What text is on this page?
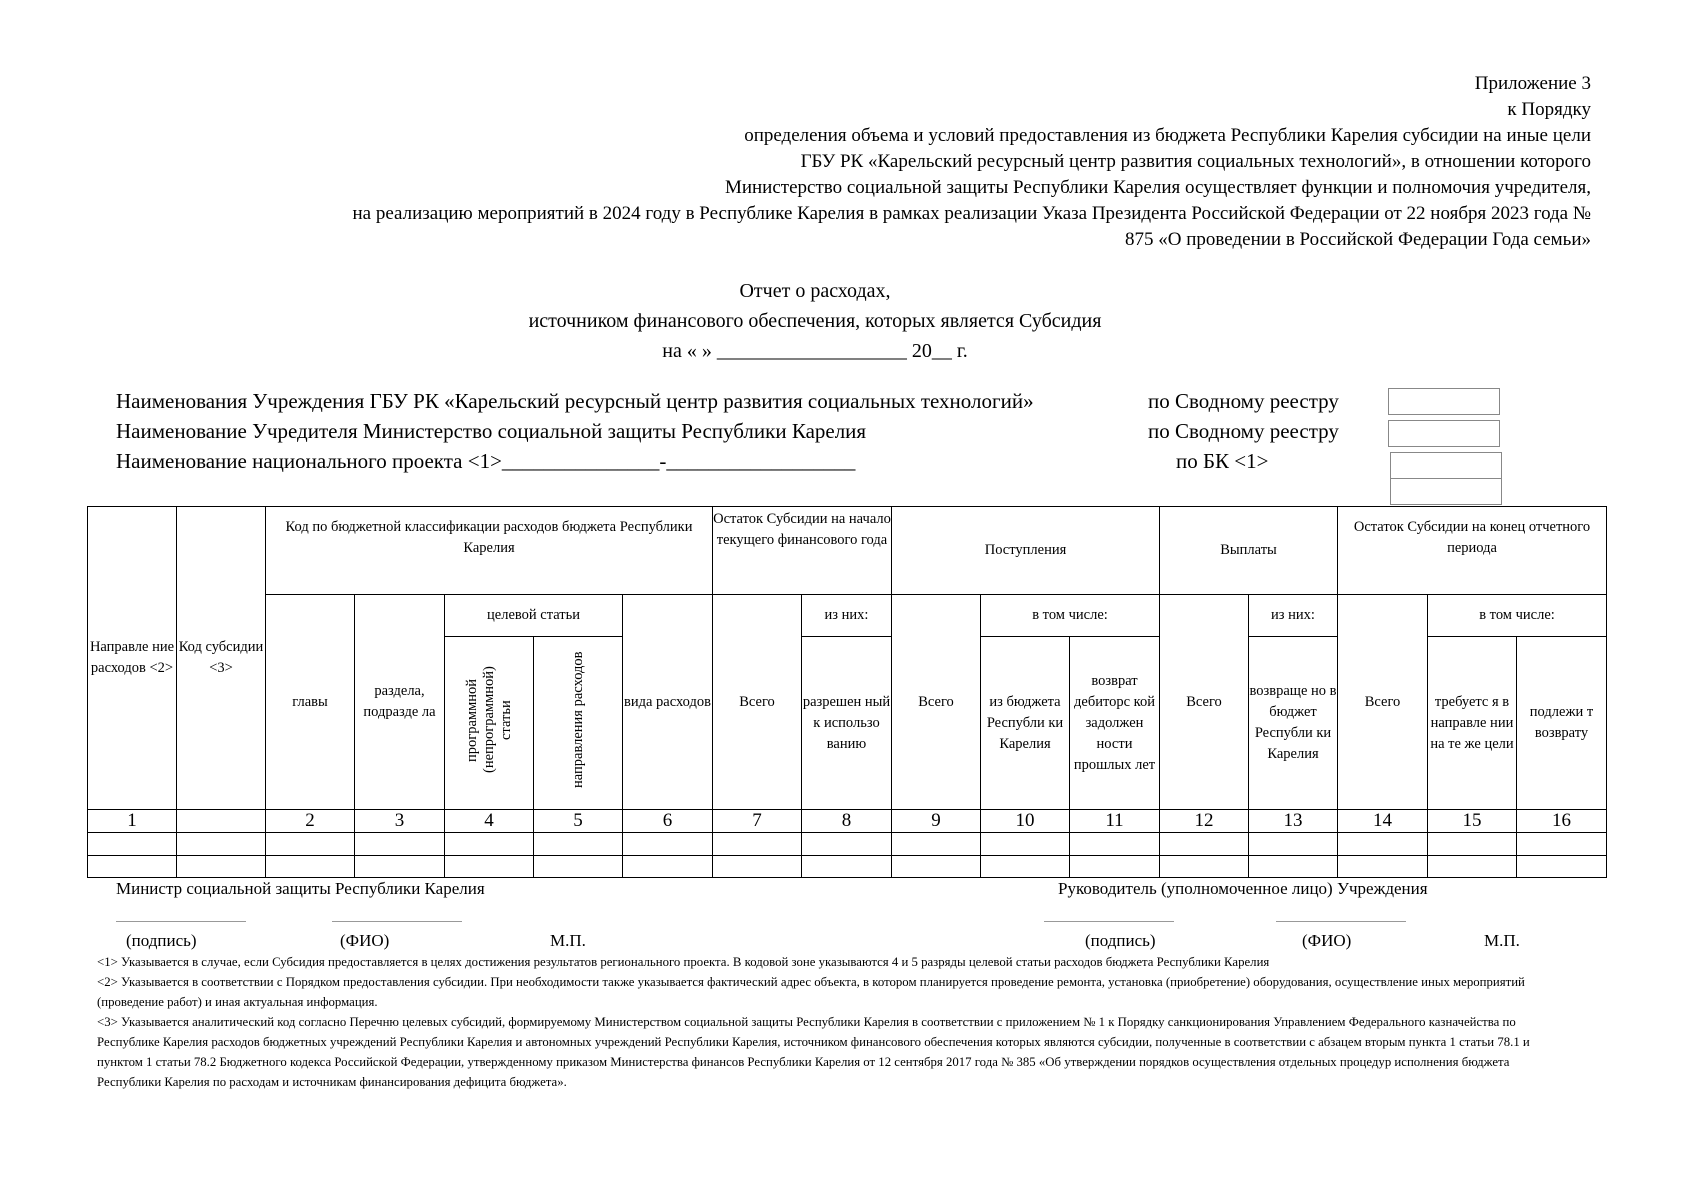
Приложение 3
к Порядку
определения объема и условий предоставления из бюджета Республики Карелия субсидии на иные цели
ГБУ РК «Карельский ресурсный центр развития социальных технологий», в отношении которого
Министерство социальной защиты Республики Карелия осуществляет функции и полномочия учредителя,
на реализацию мероприятий в 2024 году в Республике Карелия в рамках реализации Указа Президента Российской Федерации от 22 ноября 2023 года №
875 «О проведении в Российской Федерации Года семьи»
Отчет о расходах,
источником финансового обеспечения, которых является Субсидия
на « » ___________________ 20__ г.
Наименования Учреждения ГБУ РК «Карельский ресурсный центр развития социальных технологий»
Наименование Учредителя Министерство социальной защиты Республики Карелия
Наименование национального проекта <1>_______________-__________________
по Сводному реестру
по Сводному реестру
по БК <1>
Направле ние расходов <2>	Код субсидии <3>	Код по бюджетной классификации расходов бюджета Республики Карелия					Остаток Субсидии на начало текущего финансового года		Поступления			Выплаты		Остаток Субсидии на конец отчетного периода		
		главы	раздела, подразде ла	целевой статьи		вида расходов	Всего	из них:	Всего	в том числе:		Всего	из них:	Всего	в том числе:	
				программной (непрограммной) статьи	направления расходов			разрешен ный к использо ванию		из бюджета Республи ки Карелия	возврат дебиторс кой задолжен ности прошлых лет		возвраще но в бюджет Республи ки Карелия		требуетс я в направле нии на те же цели	подлежи т возврату
1		2	3	4	5	6	7	8	9	10	11	12	13	14	15	16

Министр социальной защиты Республики Карелия	Руководитель (уполномоченное лицо) Учреждения
(подпись)	(ФИО)	М.П.	(подпись)	(ФИО)	М.П.

<1> Указывается в случае, если Субсидия предоставляется в целях достижения результатов регионального проекта. В кодовой зоне указываются 4 и 5 разряды целевой статьи расходов бюджета Республики Карелия

<2> Указывается в соответствии с Порядком предоставления субсидии. При необходимости также указывается фактический адрес объекта, в котором планируется проведение ремонта, установка (приобретение) оборудования, осуществление иных мероприятий (проведение работ) и иная актуальная информация.

<3> Указывается аналитический код согласно Перечню целевых субсидий, формируемому Министерством социальной защиты Республики Карелия в соответствии с приложением № 1 к Порядку санкционирования Управлением Федерального казначейства по Республике Карелия расходов бюджетных учреждений Республики Карелия и автономных учреждений Республики Карелия, источником финансового обеспечения которых являются субсидии, полученные в соответствии с абзацем вторым пункта 1 статьи 78.1 и пунктом 1 статьи 78.2 Бюджетного кодекса Российской Федерации, утвержденному приказом Министерства финансов Республики Карелия от 12 сентября 2017 года № 385 «Об утверждении порядков осуществления отдельных процедур исполнения бюджета Республики Карелия по расходам и источникам финансирования дефицита бюджета».
